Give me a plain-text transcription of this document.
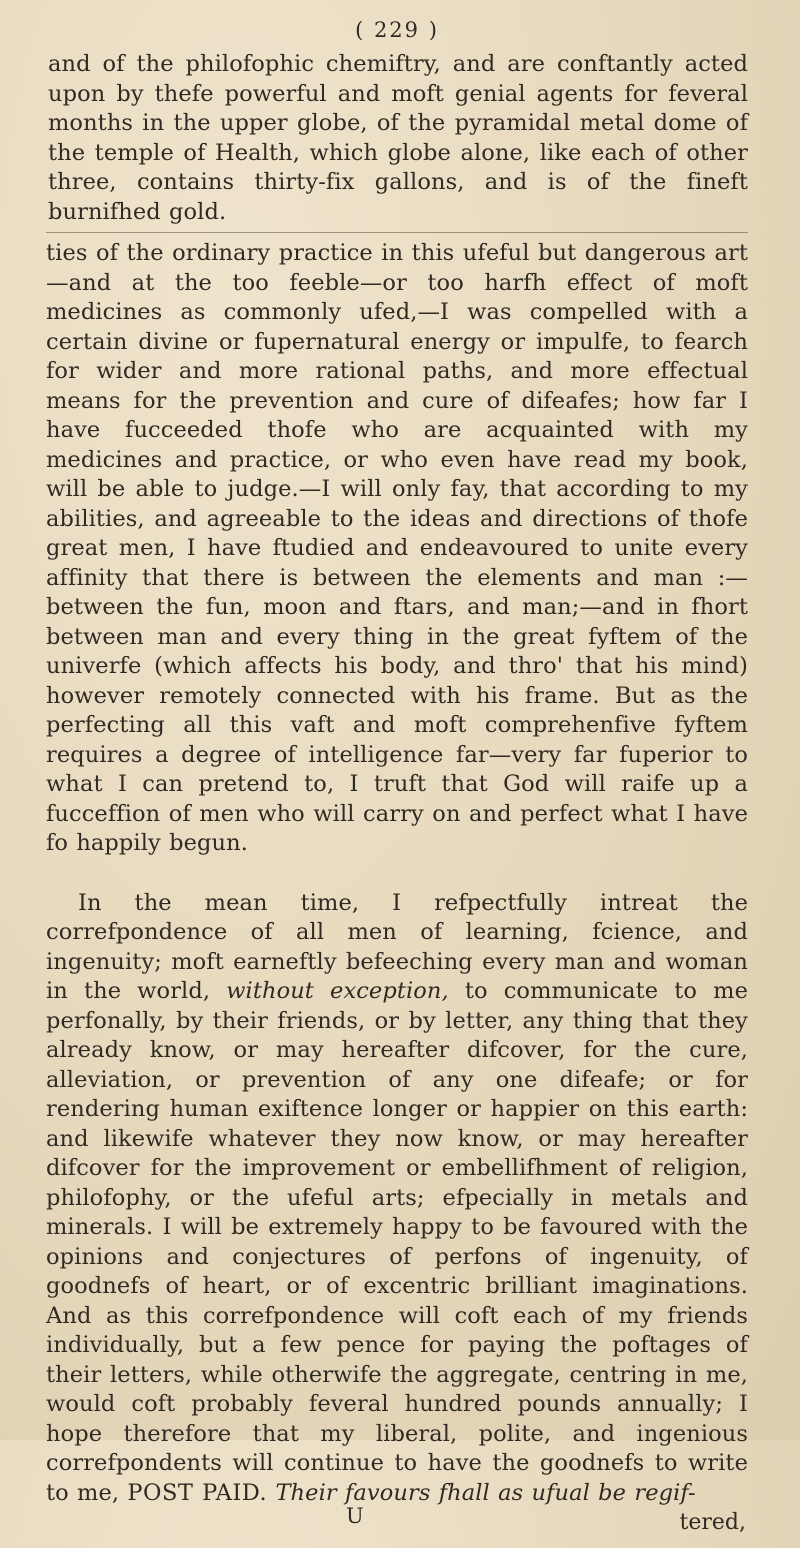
( 229 )

and of the philofophic chemiftry, and are conftantly acted upon by thefe powerful and moft genial agents for feveral months in the upper globe, of the pyramidal metal dome of the temple of Health, which globe alone, like each of other three, contains thirty-fix gallons, and is of the fineft burnifhed gold.

ties of the ordinary practice in this ufeful but dangerous art—and at the too feeble—or too harfh effect of moft medicines as commonly ufed,—I was compelled with a certain divine or fupernatural energy or impulfe, to fearch for wider and more rational paths, and more effectual means for the prevention and cure of difeafes; how far I have fucceeded thofe who are acquainted with my medicines and practice, or who even have read my book, will be able to judge.—I will only fay, that according to my abilities, and agreeable to the ideas and directions of thofe great men, I have ftudied and endeavoured to unite every affinity that there is between the elements and man :—between the fun, moon and ftars, and man;—and in fhort between man and every thing in the great fyftem of the univerfe (which affects his body, and thro' that his mind) however remotely connected with his frame. But as the perfecting all this vaft and moft comprehenfive fyftem requires a degree of intelligence far—very far fuperior to what I can pretend to, I truft that God will raife up a fucceffion of men who will carry on and perfect what I have fo happily begun.

In the mean time, I refpectfully intreat the correfpondence of all men of learning, fcience, and ingenuity; moft earneftly befeeching every man and woman in the world, without exception, to communicate to me perfonally, by their friends, or by letter, any thing that they already know, or may hereafter difcover, for the cure, alleviation, or prevention of any one difeafe; or for rendering human exiftence longer or happier on this earth: and likewife whatever they now know, or may hereafter difcover for the improvement or embellifhment of religion, philofophy, or the ufeful arts; efpecially in metals and minerals. I will be extremely happy to be favoured with the opinions and conjectures of perfons of ingenuity, of goodnefs of heart, or of excentric brilliant imaginations. And as this correfpondence will coft each of my friends individually, but a few pence for paying the poftages of their letters, while otherwife the aggregate, centring in me, would coft probably feveral hundred pounds annually; I hope therefore that my liberal, polite, and ingenious correfpondents will continue to have the goodnefs to write to me, POST PAID. Their favours fhall as ufual be regif-

U	tered,
